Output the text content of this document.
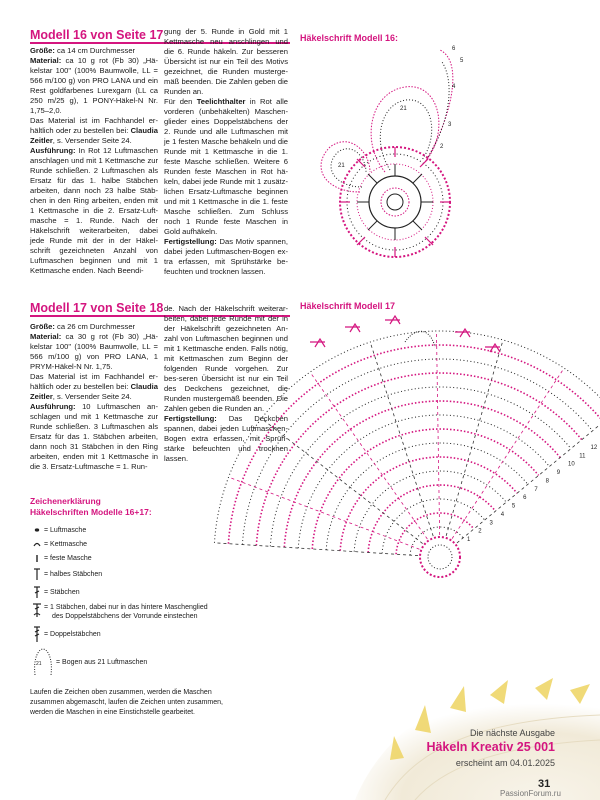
Modell 16 von Seite 17

Größe: ca 14 cm Durchmesser
Material: ca 10 g rot (Fb 30) „Hä-kelstar 100" (100% Baumwolle, LL = 566 m/100 g) von PRO LANA und ein Rest goldfarbenes Lurexgarn (LL ca 250 m/25 g), 1 PONY-Häkel-N Nr. 1,75–2,0.
Das Material ist im Fachhandel er-hältlich oder zu bestellen bei: Claudia Zeitler, s. Versender Seite 24.
Ausführung: In Rot 12 Luftmaschen anschlagen und mit 1 Kettmasche zur Runde schließen. 2 Luftmaschen als Ersatz für das 1. halbe Stäbchen arbeiten, dann noch 23 halbe Stäb-chen in den Ring arbeiten, enden mit 1 Kettmasche in die 2. Ersatz-Luft-masche = 1. Runde. Nach der Häkelschrift weiterarbeiten, dabei jede Runde mit der in der Häkel-schrift gezeichneten Anzahl von Luftmaschen beginnen und mit 1 Kettmasche enden. Nach Beendi-

gung der 5. Runde in Gold mit 1 Kettmasche neu anschlingen und die 6. Runde häkeln. Zur besseren Übersicht ist nur ein Teil des Motivs gezeichnet, die Runden musterge-mäß beenden. Die Zahlen geben die Runden an.
Für den Teelichthalter in Rot alle vorderen (unbehäkelten) Maschen-glieder eines Doppelstäbchens der 2. Runde und alle Luftmaschen mit je 1 festen Masche behäkeln und die Runde mit 1 Kettmasche in die 1. feste Masche schließen. Weitere 6 Runden feste Maschen in Rot hä-keln, dabei jede Runde mit 1 zusätz-lichen Ersatz-Luftmasche beginnen und mit 1 Kettmasche in die 1. feste Masche schließen. Zum Schluss noch 1 Runde feste Maschen in Gold aufhäkeln.
Fertigstellung: Das Motiv spannen, dabei jeden Luftmaschen-Bogen ex-tra erfassen, mit Sprühstärke be-feuchten und trocknen lassen.

Häkelschrift Modell 16:
6
5
4
3
2
21
21
Modell 17 von Seite 18

Größe: ca 26 cm Durchmesser
Material: ca 30 g rot (Fb 30) „Hä-kelstar 100" (100% Baumwolle, LL = 566 m/100 g) von PRO LANA, 1 PRYM-Häkel-N Nr. 1,75.
Das Material ist im Fachhandel er-hältlich oder zu bestellen bei: Claudia Zeitler, s. Versender Seite 24.
Ausführung: 10 Luftmaschen an-schlagen und mit 1 Kettmasche zur Runde schließen. 3 Luftmaschen als Ersatz für das 1. Stäbchen arbeiten, dann noch 31 Stäbchen in den Ring arbeiten, enden mit 1 Kettmasche in die 3. Ersatz-Luftmasche = 1. Run-

de. Nach der Häkelschrift weiterar-beiten, dabei jede Runde mit der in der Häkelschrift gezeichneten An-zahl von Luftmaschen beginnen und mit 1 Kettmasche enden. Falls nötig, mit Kettmaschen zum Beginn der folgenden Runde vorgehen. Zur bes-seren Übersicht ist nur ein Teil des Deckchens gezeichnet, die Runden mustergemäß beenden. Die Zahlen geben die Runden an.
Fertigstellung: Das Deckchen spannen, dabei jeden Luftmaschen-Bogen extra erfassen, mit Sprüh-stärke befeuchten und trocknen lassen.

Häkelschrift Modell 17
1
2
3
4
5
6
7
8
9
10
11
12
Zeichenerklärung
Häkelschriften Modelle 16+17:
= Luftmasche
= Kettmasche
= feste Masche
= halbes Stäbchen
= Stäbchen
= 1 Stäbchen, dabei nur in das hintere Maschenglied
des Doppelstäbchens der Vorrunde einstechen
= Doppelstäbchen
21 = Bogen aus 21 Luftmaschen
Laufen die Zeichen oben zusammen, werden die Maschen zusammen abgemascht, laufen die Zeichen unten zusammen, werden die Maschen in eine Einstichstelle gearbeitet.
Die nächste Ausgabe
Häkeln Kreativ 25 001
erscheint am 04.01.2025
31
PassionForum.ru
